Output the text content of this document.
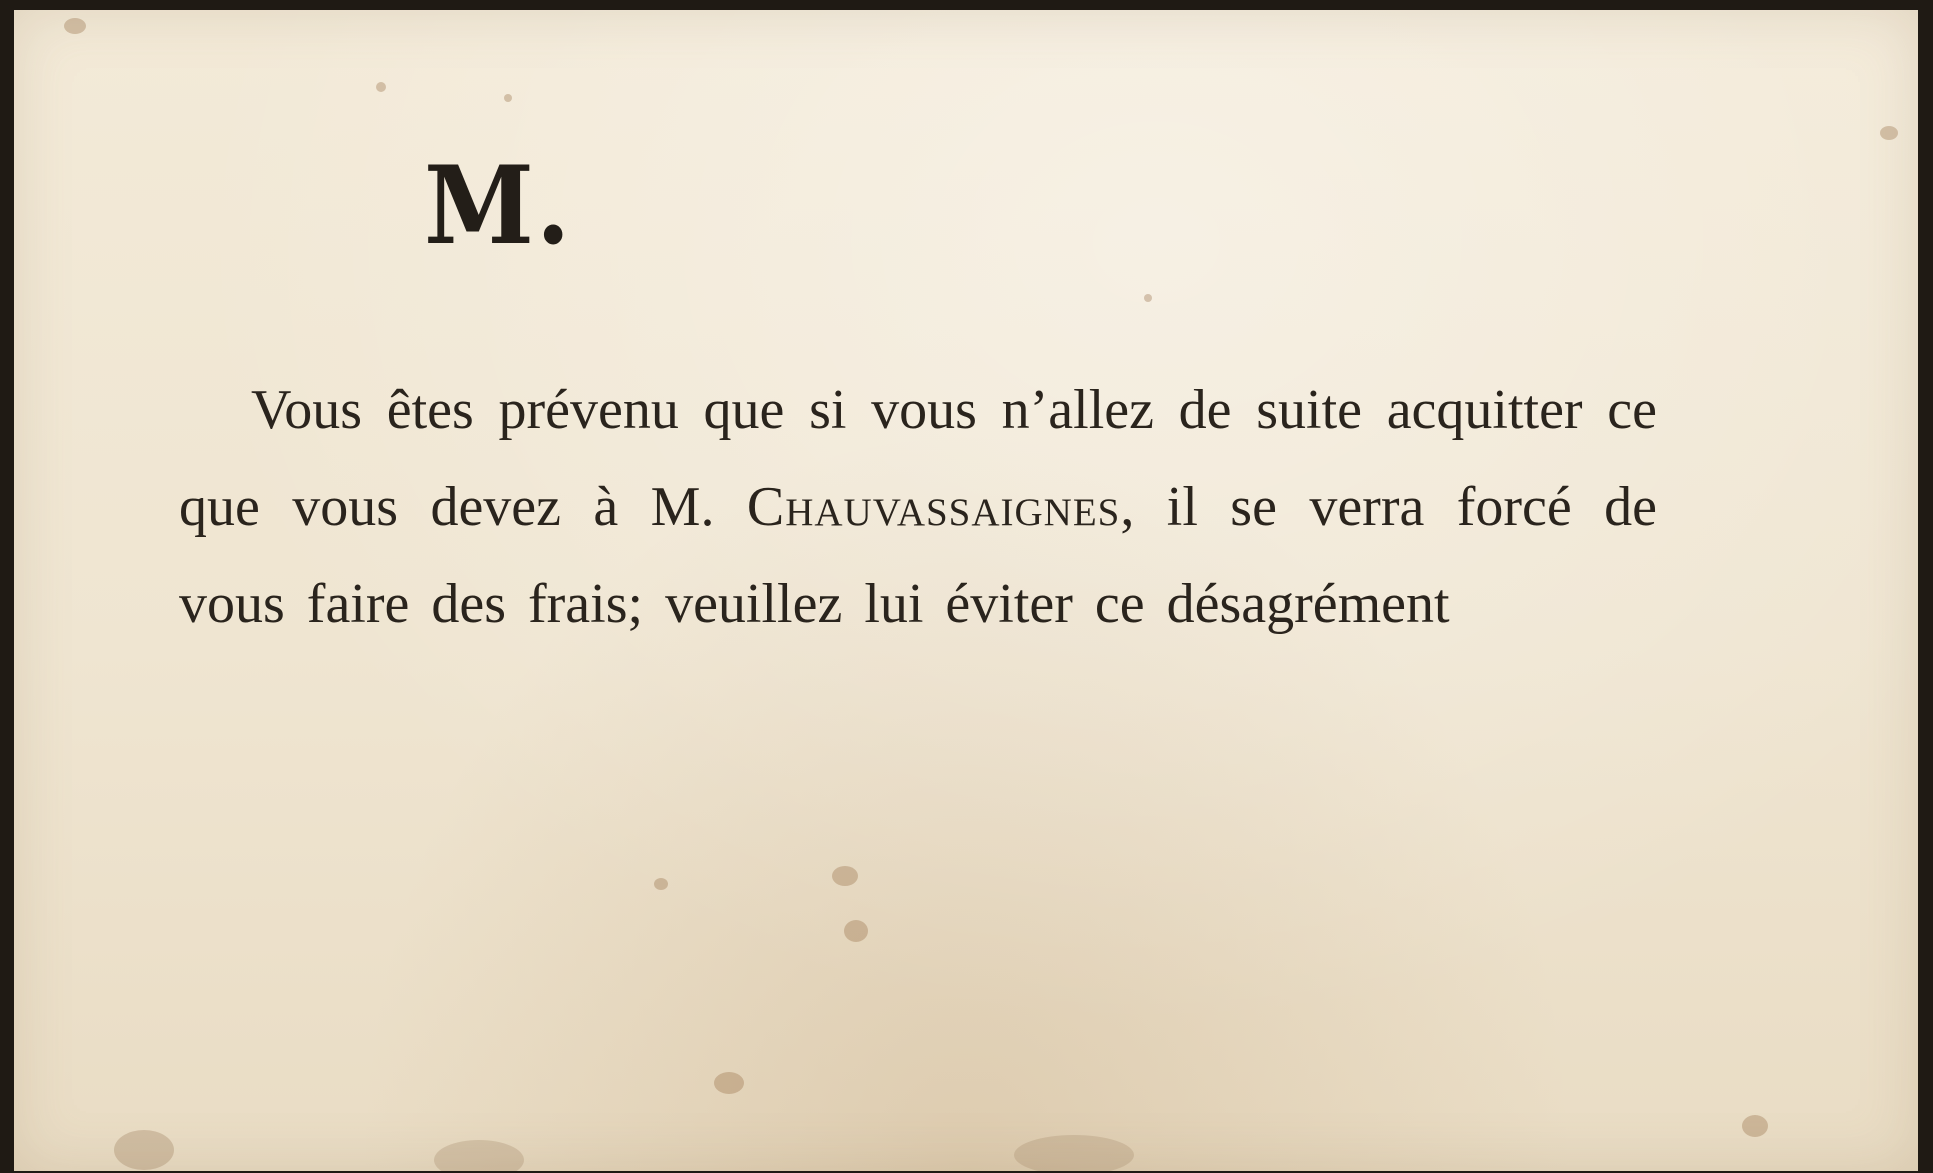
M.

Vous êtes prévenu que si vous n’allez de suite acquitter ce que vous devez à M. Chauvassaignes, il se verra forcé de vous faire des frais; veuillez lui éviter ce désagrément
